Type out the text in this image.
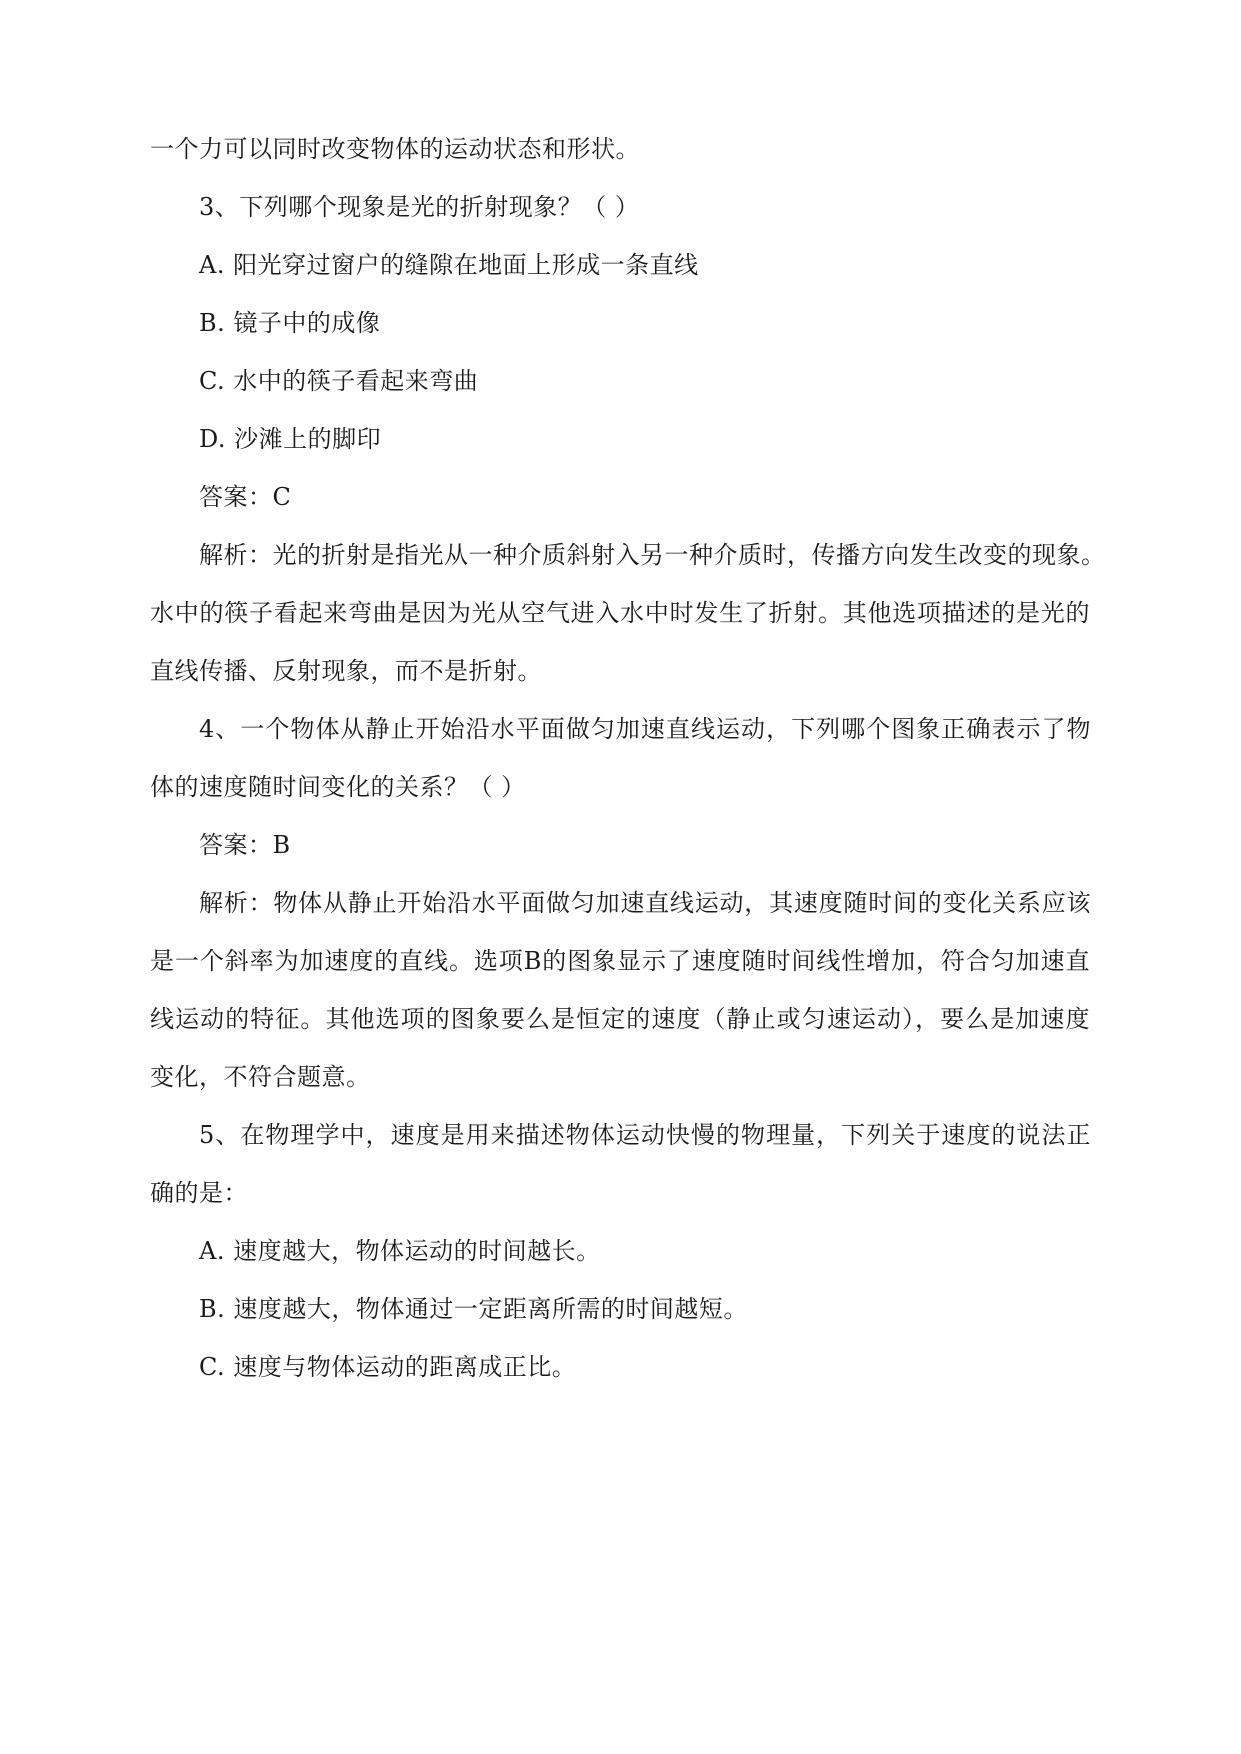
一个力可以同时改变物体的运动状态和形状。
3、下列哪个现象是光的折射现象？（ ）
A. 阳光穿过窗户的缝隙在地面上形成一条直线
B. 镜子中的成像
C. 水中的筷子看起来弯曲
D. 沙滩上的脚印
答案：C
解析：光的折射是指光从一种介质斜射入另一种介质时，传播方向发生改变的现象。
水中的筷子看起来弯曲是因为光从空气进入水中时发生了折射。其他选项描述的是光的
直线传播、反射现象，而不是折射。
4、一个物体从静止开始沿水平面做匀加速直线运动，下列哪个图象正确表示了物
体的速度随时间变化的关系？（ ）
答案：B
解析：物体从静止开始沿水平面做匀加速直线运动，其速度随时间的变化关系应该
是一个斜率为加速度的直线。选项B的图象显示了速度随时间线性增加，符合匀加速直
线运动的特征。其他选项的图象要么是恒定的速度（静止或匀速运动），要么是加速度
变化，不符合题意。
5、在物理学中，速度是用来描述物体运动快慢的物理量，下列关于速度的说法正
确的是：
A. 速度越大，物体运动的时间越长。
B. 速度越大，物体通过一定距离所需的时间越短。
C. 速度与物体运动的距离成正比。
